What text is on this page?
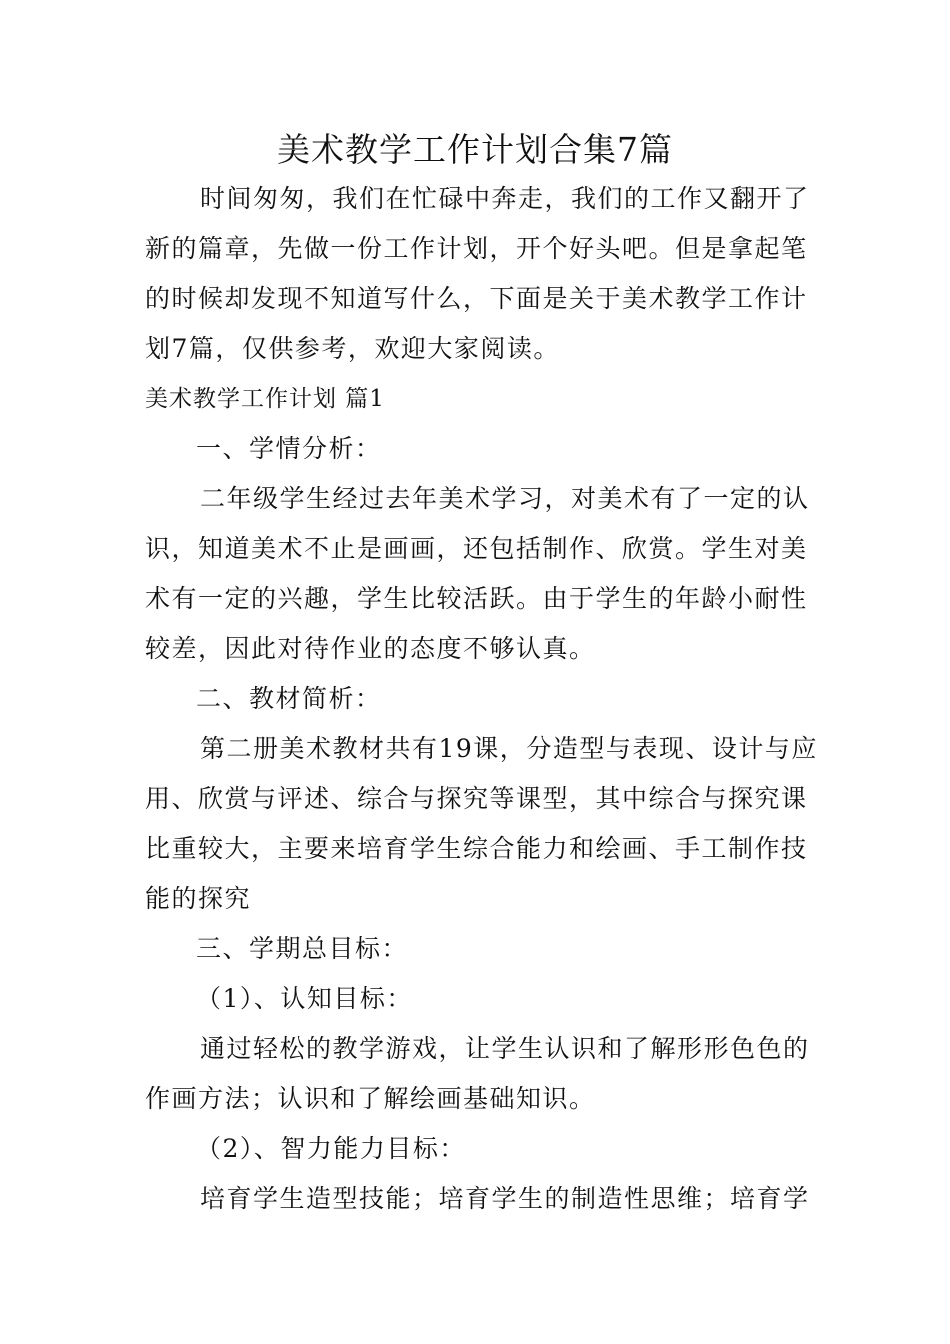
美术教学工作计划合集7篇
时间匆匆，我们在忙碌中奔走，我们的工作又翻开了
新的篇章，先做一份工作计划，开个好头吧。但是拿起笔
的时候却发现不知道写什么，下面是关于美术教学工作计
划7篇，仅供参考，欢迎大家阅读。
美术教学工作计划 篇1
一、学情分析：
二年级学生经过去年美术学习，对美术有了一定的认
识，知道美术不止是画画，还包括制作、欣赏。学生对美
术有一定的兴趣，学生比较活跃。由于学生的年龄小耐性
较差，因此对待作业的态度不够认真。
二、教材简析：
第二册美术教材共有19课，分造型与表现、设计与应
用、欣赏与评述、综合与探究等课型，其中综合与探究课
比重较大，主要来培育学生综合能力和绘画、手工制作技
能的探究
三、学期总目标：
（1）、认知目标：
通过轻松的教学游戏，让学生认识和了解形形色色的
作画方法；认识和了解绘画基础知识。
（2）、智力能力目标：
培育学生造型技能；培育学生的制造性思维；培育学
